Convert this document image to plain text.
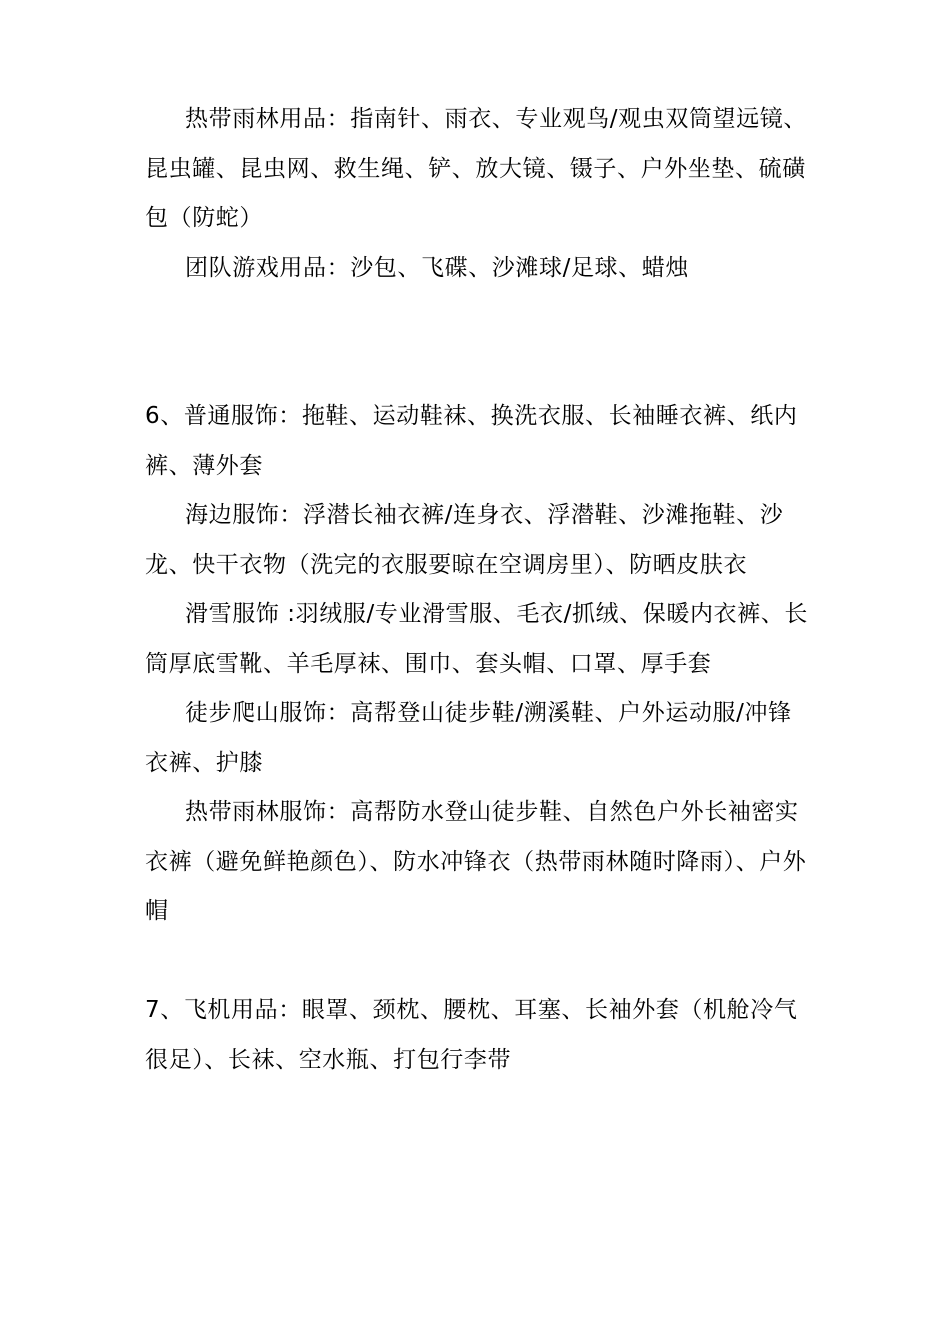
热带雨林用品：指南针、雨衣、专业观鸟/观虫双筒望远镜、昆虫罐、昆虫网、救生绳、铲、放大镜、镊子、户外坐垫、硫磺包（防蛇）

团队游戏用品：沙包、飞碟、沙滩球/足球、蜡烛

6、普通服饰：拖鞋、运动鞋袜、换洗衣服、长袖睡衣裤、纸内裤、薄外套

海边服饰：浮潜长袖衣裤/连身衣、浮潜鞋、沙滩拖鞋、沙龙、快干衣物（洗完的衣服要晾在空调房里）、防晒皮肤衣

滑雪服饰 :羽绒服/专业滑雪服、毛衣/抓绒、保暖内衣裤、长筒厚底雪靴、羊毛厚袜、围巾、套头帽、口罩、厚手套

徒步爬山服饰：高帮登山徒步鞋/溯溪鞋、户外运动服/冲锋衣裤、护膝

热带雨林服饰：高帮防水登山徒步鞋、自然色户外长袖密实衣裤（避免鲜艳颜色）、防水冲锋衣（热带雨林随时降雨）、户外帽

7、飞机用品：眼罩、颈枕、腰枕、耳塞、长袖外套（机舱冷气很足）、长袜、空水瓶、打包行李带
